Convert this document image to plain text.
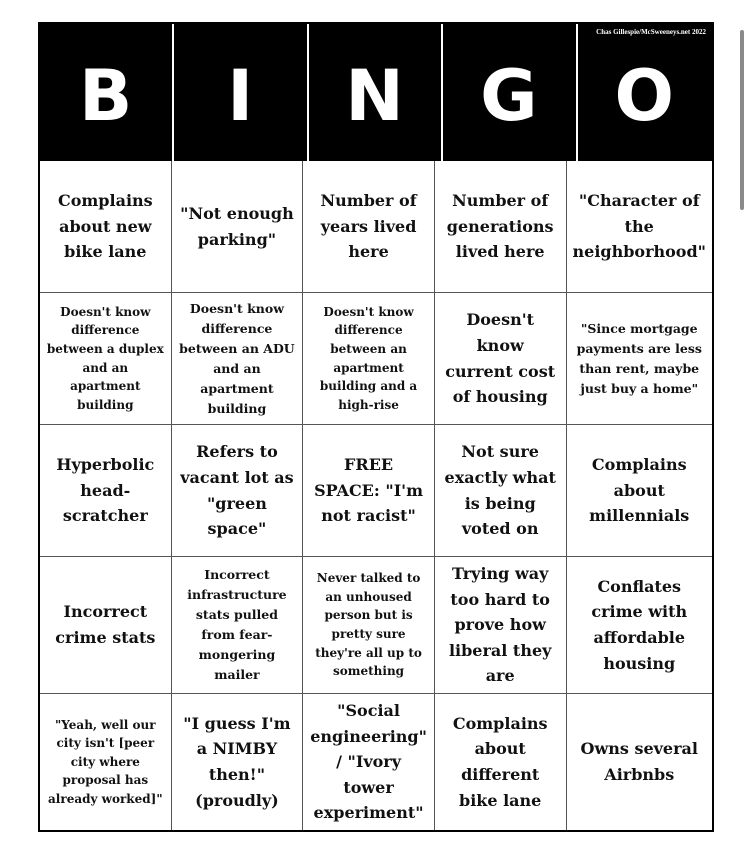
Chas Gillespie/McSweeneys.net 2022
B	I	N	G	O
Complains about new bike lane
"Not enough parking"
Number of years lived here
Number of generations lived here
"Character of the neighborhood"
Doesn't know difference between a duplex and an apartment building
Doesn't know difference between an ADU and an apartment building
Doesn't know difference between an apartment building and a high-rise
Doesn't know current cost of housing
"Since mortgage payments are less than rent, maybe just buy a home"
Hyperbolic head-scratcher
Refers to vacant lot as "green space"
FREE SPACE: "I'm not racist"
Not sure exactly what is being voted on
Complains about millennials
Incorrect crime stats
Incorrect infrastructure stats pulled from fear-mongering mailer
Never talked to an unhoused person but is pretty sure they're all up to something
Trying way too hard to prove how liberal they are
Conflates crime with affordable housing
"Yeah, well our city isn't [peer city where proposal has already worked]"
"I guess I'm a NIMBY then!" (proudly)
"Social engineering" / "Ivory tower experiment"
Complains about different bike lane
Owns several Airbnbs
